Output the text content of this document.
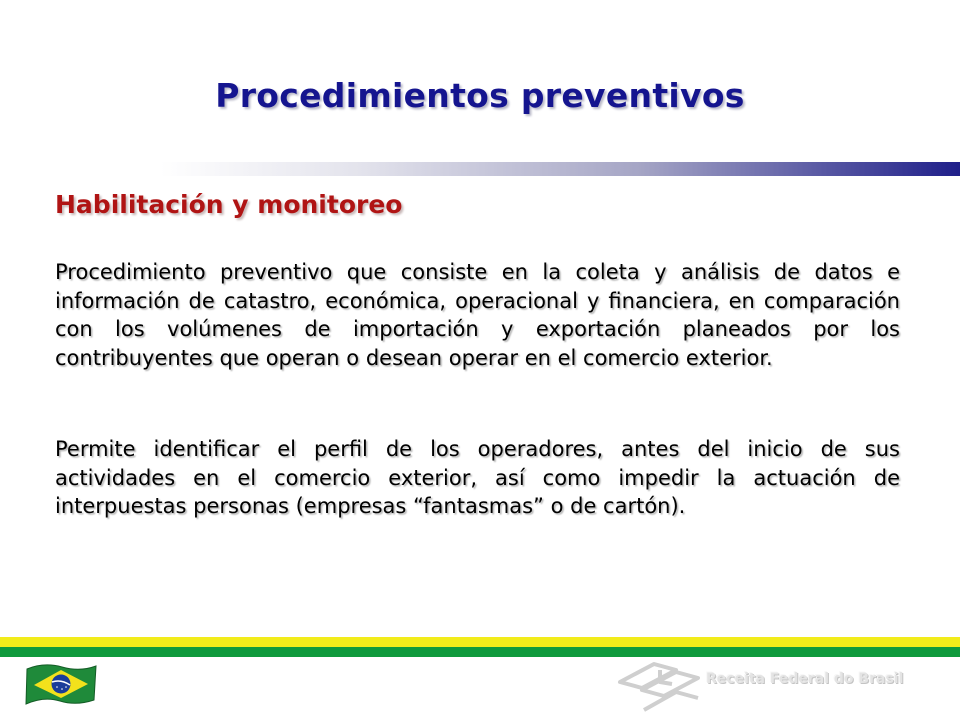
Procedimientos preventivos
Habilitación y monitoreo

Procedimiento preventivo que consiste en la coleta y análisis de datos e información de catastro, económica, operacional y financiera, en comparación con los volúmenes de importación y exportación planeados por los contribuyentes que operan o desean operar en el comercio exterior.

Permite identificar el perfil de los operadores, antes del inicio de sus actividades en el comercio exterior, así como impedir la actuación de interpuestas personas (empresas “fantasmas” o de cartón).

Receita Federal do Brasil
